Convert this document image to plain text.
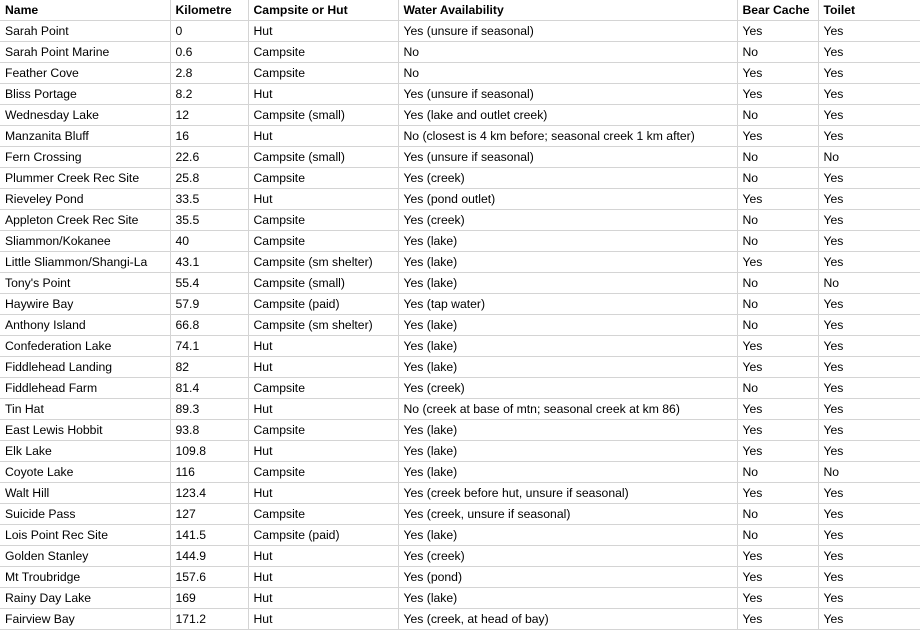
Name	Kilometre	Campsite or Hut	Water Availability	Bear Cache	Toilet
Sarah Point	0	Hut	Yes (unsure if seasonal)	Yes	Yes
Sarah Point Marine	0.6	Campsite	No	No	Yes
Feather Cove	2.8	Campsite	No	Yes	Yes
Bliss Portage	8.2	Hut	Yes (unsure if seasonal)	Yes	Yes
Wednesday Lake	12	Campsite (small)	Yes (lake and outlet creek)	No	Yes
Manzanita Bluff	16	Hut	No (closest is 4 km before; seasonal creek 1 km after)	Yes	Yes
Fern Crossing	22.6	Campsite (small)	Yes (unsure if seasonal)	No	No
Plummer Creek Rec Site	25.8	Campsite	Yes (creek)	No	Yes
Rieveley Pond	33.5	Hut	Yes (pond outlet)	Yes	Yes
Appleton Creek Rec Site	35.5	Campsite	Yes (creek)	No	Yes
Sliammon/Kokanee	40	Campsite	Yes (lake)	No	Yes
Little Sliammon/Shangi-La	43.1	Campsite (sm shelter)	Yes (lake)	Yes	Yes
Tony's Point	55.4	Campsite (small)	Yes (lake)	No	No
Haywire Bay	57.9	Campsite (paid)	Yes (tap water)	No	Yes
Anthony Island	66.8	Campsite (sm shelter)	Yes (lake)	No	Yes
Confederation Lake	74.1	Hut	Yes (lake)	Yes	Yes
Fiddlehead Landing	82	Hut	Yes (lake)	Yes	Yes
Fiddlehead Farm	81.4	Campsite	Yes (creek)	No	Yes
Tin Hat	89.3	Hut	No (creek at base of mtn; seasonal creek at km 86)	Yes	Yes
East Lewis Hobbit	93.8	Campsite	Yes (lake)	Yes	Yes
Elk Lake	109.8	Hut	Yes (lake)	Yes	Yes
Coyote Lake	116	Campsite	Yes (lake)	No	No
Walt Hill	123.4	Hut	Yes (creek before hut, unsure if seasonal)	Yes	Yes
Suicide Pass	127	Campsite	Yes (creek, unsure if seasonal)	No	Yes
Lois Point Rec Site	141.5	Campsite (paid)	Yes (lake)	No	Yes
Golden Stanley	144.9	Hut	Yes (creek)	Yes	Yes
Mt Troubridge	157.6	Hut	Yes (pond)	Yes	Yes
Rainy Day Lake	169	Hut	Yes (lake)	Yes	Yes
Fairview Bay	171.2	Hut	Yes (creek, at head of bay)	Yes	Yes
